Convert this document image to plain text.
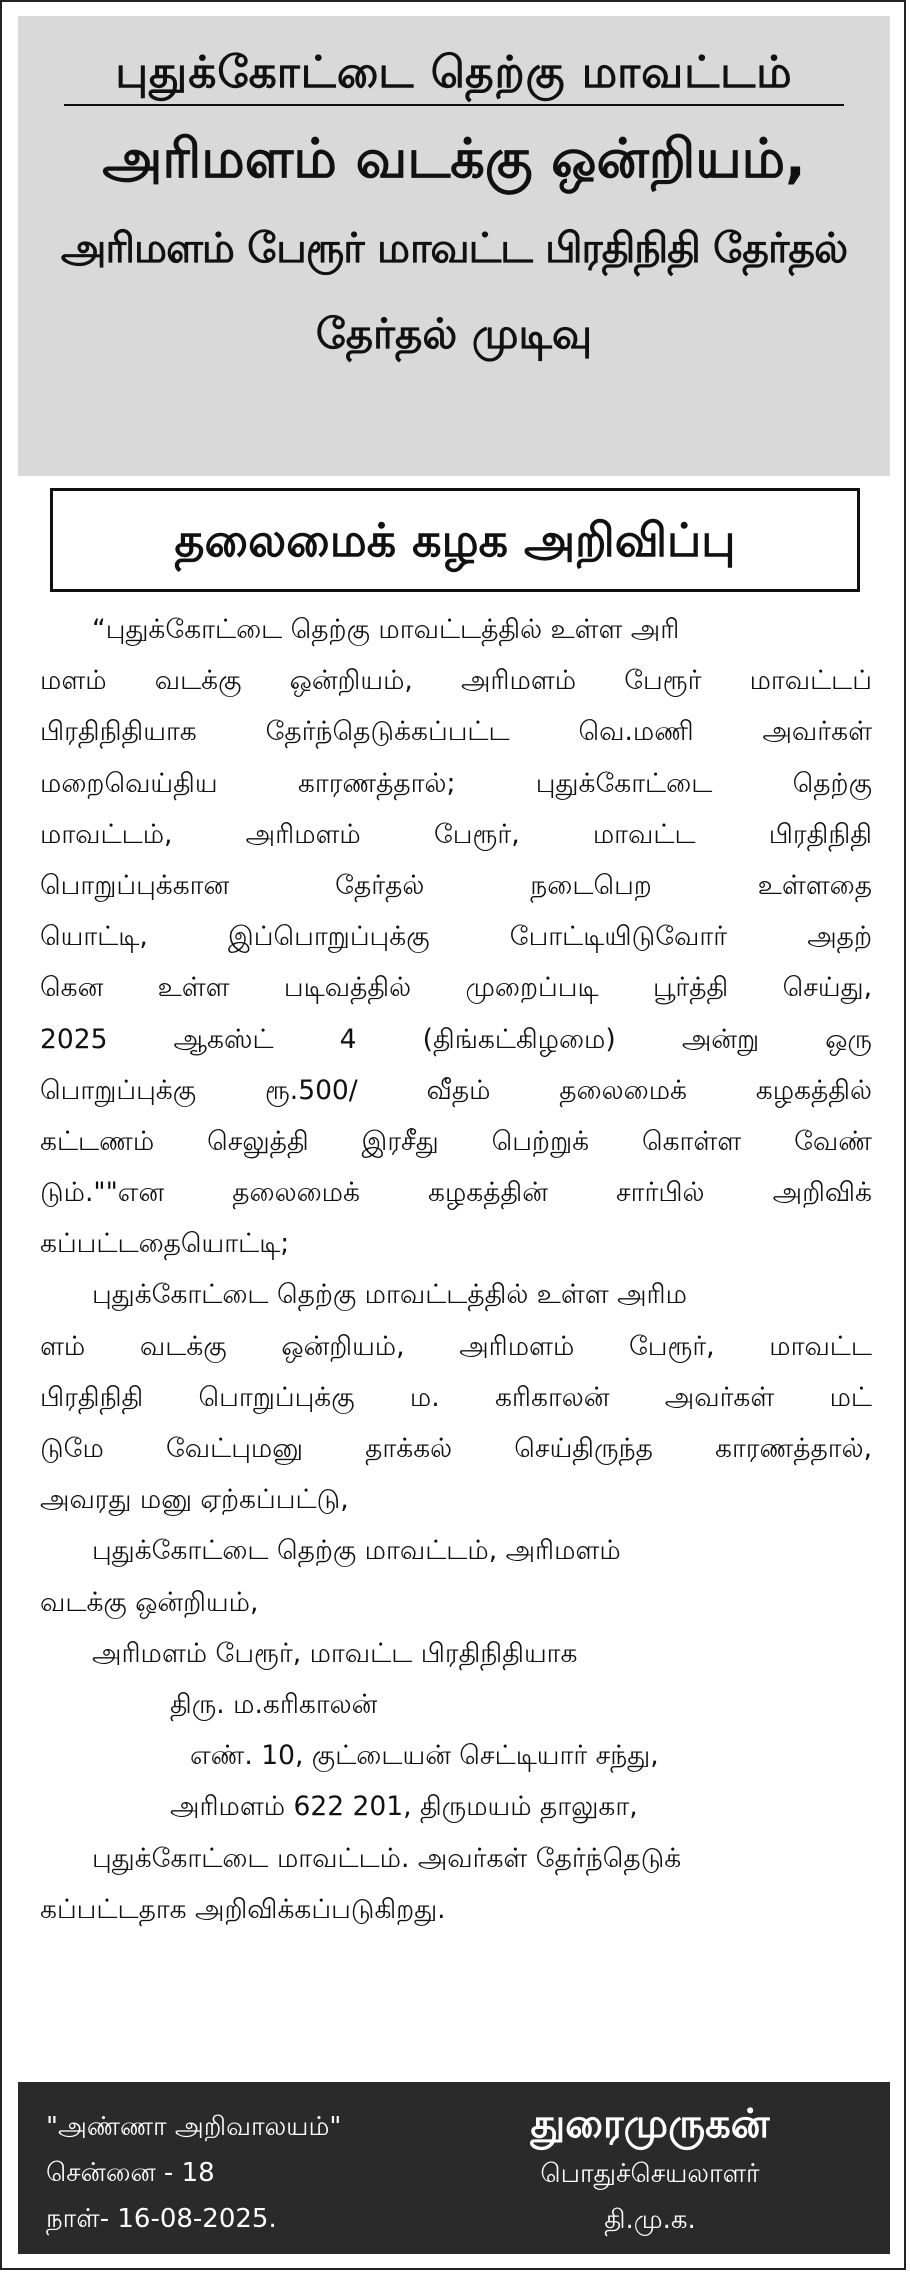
புதுக்கோட்டை தெற்கு மாவட்டம்
அரிமளம் வடக்கு ஒன்றியம்,
அரிமளம் பேரூர் மாவட்ட பிரதிநிதி தேர்தல்
தேர்தல் முடிவு
தலைமைக் கழக அறிவிப்பு
“புதுக்கோட்டை தெற்கு மாவட்டத்தில் உள்ள அரி
மளம் வடக்கு ஒன்றியம், அரிமளம் பேரூர் மாவட்டப்
பிரதிநிதியாக தேர்ந்தெடுக்கப்பட்ட வெ.மணி அவர்கள்
மறைவெய்திய காரணத்தால்; புதுக்கோட்டை தெற்கு
மாவட்டம், அரிமளம் பேரூர், மாவட்ட பிரதிநிதி
பொறுப்புக்கான தேர்தல் நடைபெற உள்ளதை
யொட்டி, இப்பொறுப்புக்கு போட்டியிடுவோர் அதற்
கென உள்ள படிவத்தில் முறைப்படி பூர்த்தி செய்து,
2025 ஆகஸ்ட் 4 (திங்கட்கிழமை) அன்று ஒரு
பொறுப்புக்கு ரூ.500/ வீதம் தலைமைக் கழகத்தில்
கட்டணம் செலுத்தி இரசீது பெற்றுக் கொள்ள வேண்
டும்.""என தலைமைக் கழகத்தின் சார்பில் அறிவிக்
கப்பட்டதையொட்டி;
புதுக்கோட்டை தெற்கு மாவட்டத்தில் உள்ள அரிம
ளம் வடக்கு ஒன்றியம், அரிமளம் பேரூர், மாவட்ட
பிரதிநிதி பொறுப்புக்கு ம. கரிகாலன் அவர்கள் மட்
டுமே வேட்புமனு தாக்கல் செய்திருந்த காரணத்தால்,
அவரது மனு ஏற்கப்பட்டு,
புதுக்கோட்டை தெற்கு மாவட்டம், அரிமளம்
வடக்கு ஒன்றியம்,
அரிமளம் பேரூர், மாவட்ட பிரதிநிதியாக
திரு. ம.கரிகாலன்
எண். 10, குட்டையன் செட்டியார் சந்து,
அரிமளம் 622 201, திருமயம் தாலுகா,
புதுக்கோட்டை மாவட்டம். அவர்கள் தேர்ந்தெடுக்
கப்பட்டதாக அறிவிக்கப்படுகிறது.
"அண்ணா அறிவாலயம்"
சென்னை - 18
நாள்- 16-08-2025.
துரைமுருகன்
பொதுச்செயலாளர்
தி.மு.க.
